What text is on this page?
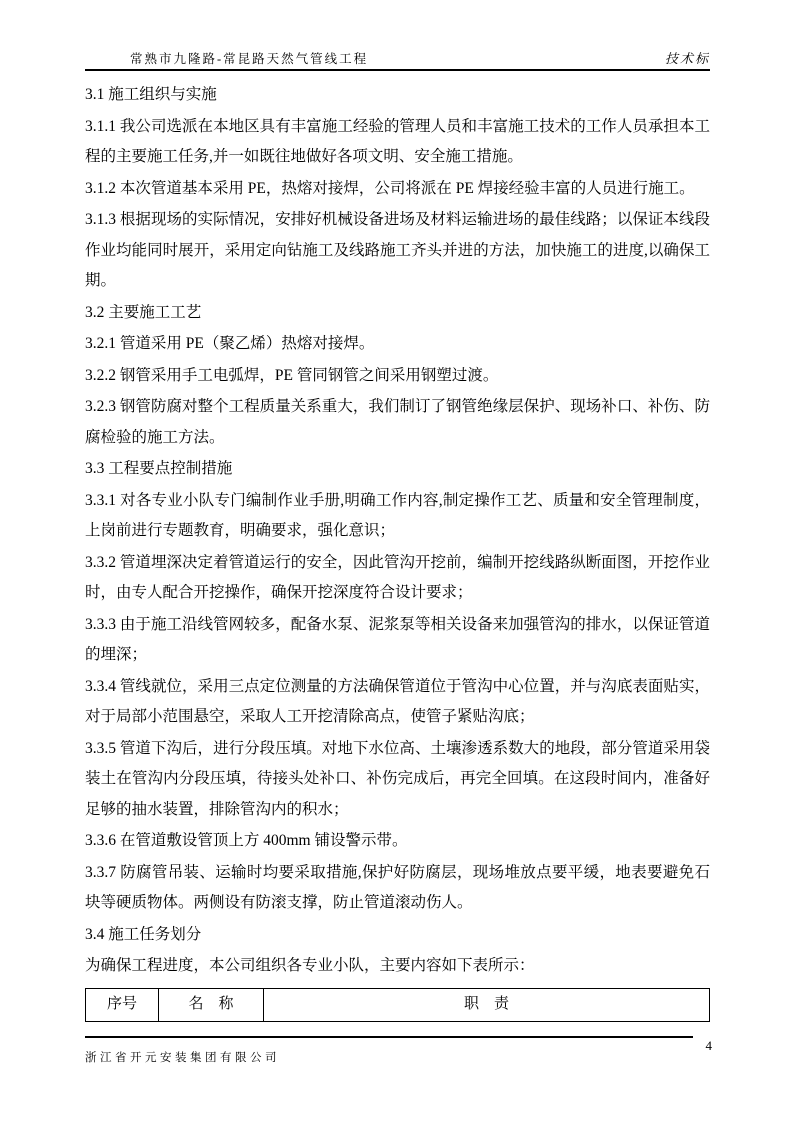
常熟市九隆路-常昆路天然气管线工程	技术标

3.1 施工组织与实施

3.1.1 我公司选派在本地区具有丰富施工经验的管理人员和丰富施工技术的工作人员承担本工程的主要施工任务,并一如既往地做好各项文明、安全施工措施。

3.1.2 本次管道基本采用 PE，热熔对接焊，公司将派在 PE 焊接经验丰富的人员进行施工。

3.1.3 根据现场的实际情况，安排好机械设备进场及材料运输进场的最佳线路；以保证本线段作业均能同时展开，采用定向钻施工及线路施工齐头并进的方法，加快施工的进度,以确保工期。

3.2 主要施工工艺

3.2.1 管道采用 PE（聚乙烯）热熔对接焊。

3.2.2 钢管采用手工电弧焊，PE 管同钢管之间采用钢塑过渡。

3.2.3 钢管防腐对整个工程质量关系重大，我们制订了钢管绝缘层保护、现场补口、补伤、防腐检验的施工方法。

3.3 工程要点控制措施

3.3.1 对各专业小队专门编制作业手册,明确工作内容,制定操作工艺、质量和安全管理制度，上岗前进行专题教育，明确要求，强化意识；

3.3.2 管道埋深决定着管道运行的安全，因此管沟开挖前，编制开挖线路纵断面图，开挖作业时，由专人配合开挖操作，确保开挖深度符合设计要求；

3.3.3 由于施工沿线管网较多，配备水泵、泥浆泵等相关设备来加强管沟的排水，以保证管道的埋深；

3.3.4 管线就位，采用三点定位测量的方法确保管道位于管沟中心位置，并与沟底表面贴实，对于局部小范围悬空，采取人工开挖清除高点，使管子紧贴沟底；

3.3.5 管道下沟后，进行分段压填。对地下水位高、土壤渗透系数大的地段，部分管道采用袋装土在管沟内分段压填，待接头处补口、补伤完成后，再完全回填。在这段时间内，准备好足够的抽水装置，排除管沟内的积水；

3.3.6 在管道敷设管顶上方 400mm 铺设警示带。

3.3.7 防腐管吊装、运输时均要采取措施,保护好防腐层，现场堆放点要平缓，地表要避免石块等硬质物体。两侧设有防滚支撑，防止管道滚动伤人。

3.4 施工任务划分

为确保工程进度，本公司组织各专业小队，主要内容如下表所示：

序号	名　称	职　责
4
浙江省开元安装集团有限公司
